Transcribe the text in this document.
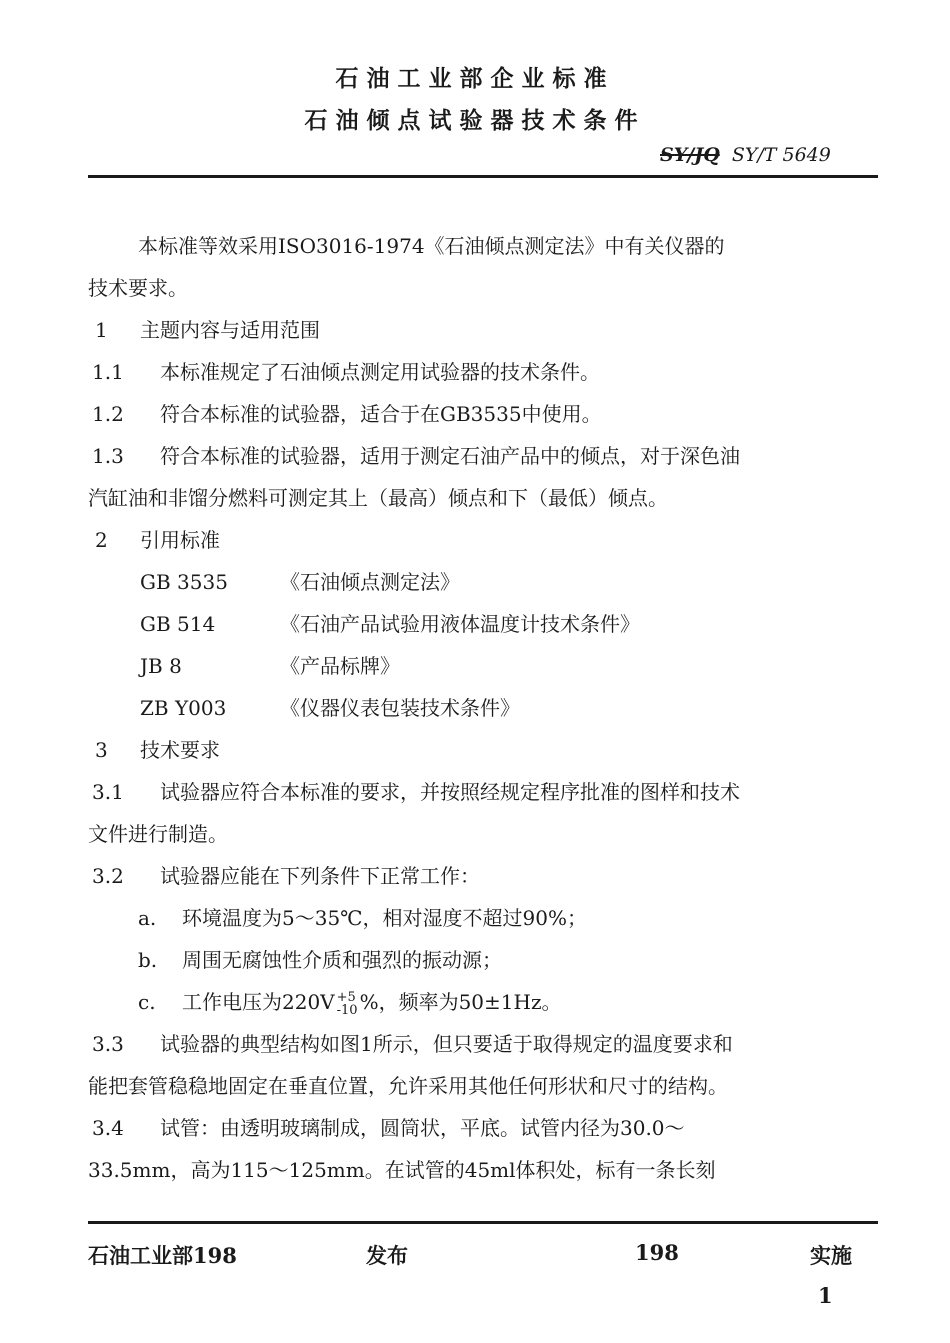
石油工业部企业标准
石油倾点试验器技术条件
SY/JQ SY/T 5649
本标准等效采用ISO3016-1974《石油倾点测定法》中有关仪器的
技术要求。
1 主题内容与适用范围
1.1 本标准规定了石油倾点测定用试验器的技术条件。
1.2 符合本标准的试验器，适合于在GB3535中使用。
1.3 符合本标准的试验器，适用于测定石油产品中的倾点，对于深色油
汽缸油和非馏分燃料可测定其上（最高）倾点和下（最低）倾点。
2 引用标准
GB 3535	《石油倾点测定法》
GB 514	《石油产品试验用液体温度计技术条件》
JB 8	《产品标牌》
ZB Y003	《仪器仪表包装技术条件》
3 技术要求
3.1 试验器应符合本标准的要求，并按照经规定程序批准的图样和技术
文件进行制造。
3.2 试验器应能在下列条件下正常工作：
a. 环境温度为5～35℃，相对湿度不超过90%；
b. 周围无腐蚀性介质和强烈的振动源；
c. 工作电压为220V +5
-10 %，频率为50±1Hz。
3.3 试验器的典型结构如图1所示，但只要适于取得规定的温度要求和
能把套管稳稳地固定在垂直位置，允许采用其他任何形状和尺寸的结构。
3.4 试管：由透明玻璃制成，圆筒状，平底。试管内径为30.0～
33.5mm，高为115～125mm。在试管的45ml体积处，标有一条长刻
石油工业部198	发布	198	实施
1
